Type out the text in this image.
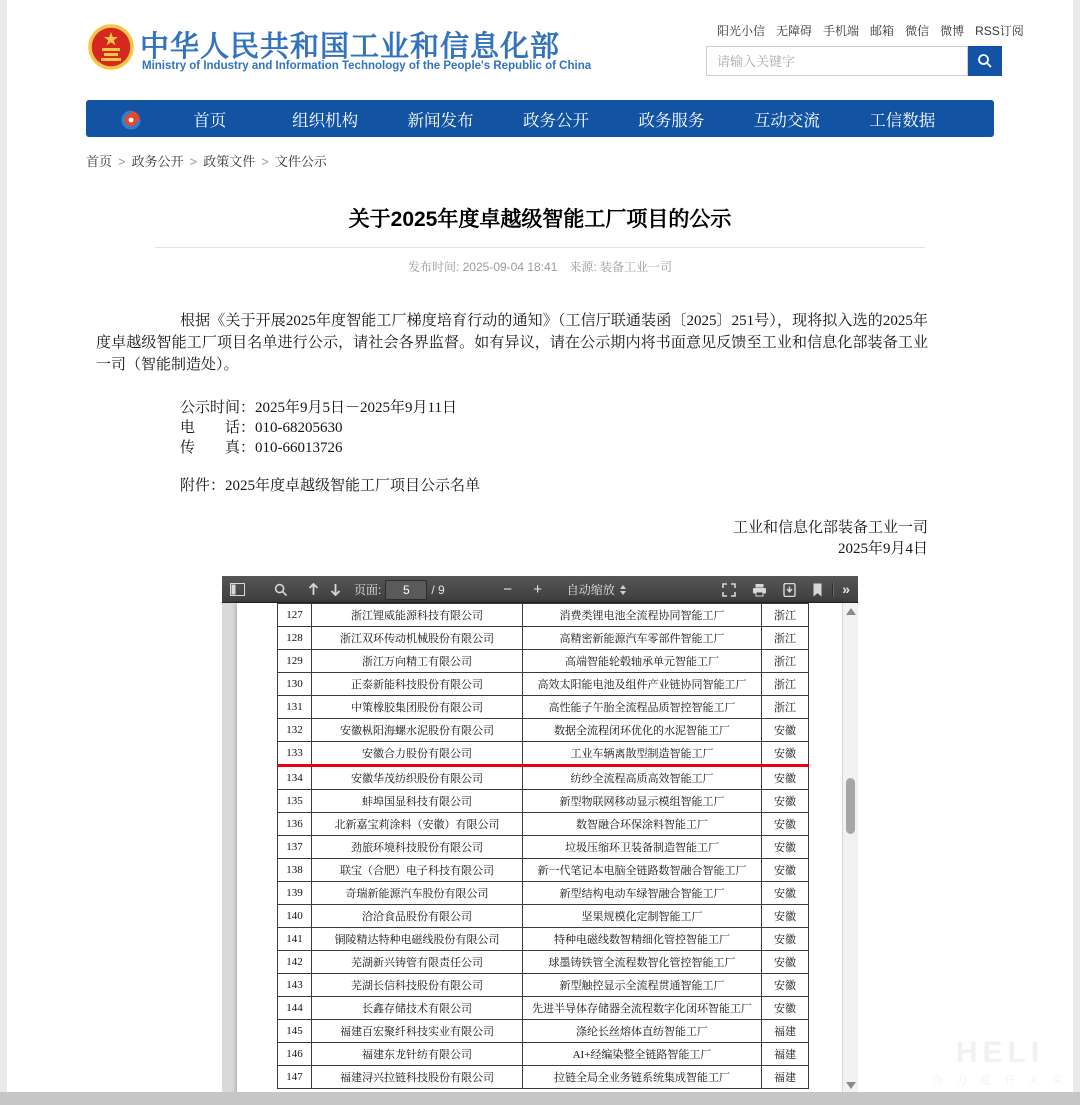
中华人民共和国工业和信息化部
Ministry of Industry and Information Technology of the People's Republic of China
阳光小信 无障碍 手机端 邮箱 微信 微博 RSS订阅
请输入关键字
首页	组织机构	新闻发布	政务公开	政务服务	互动交流	工信数据
首页 > 政务公开 > 政策文件 > 文件公示
关于2025年度卓越级智能工厂项目的公示
发布时间: 2025-09-04 18:41　来源: 装备工业一司

根据《关于开展2025年度智能工厂梯度培育行动的通知》（工信厅联通装函〔2025〕251号），现将拟入选的2025年度卓越级智能工厂项目名单进行公示，请社会各界监督。如有异议，请在公示期内将书面意见反馈至工业和信息化部装备工业一司（智能制造处）。

公示时间：2025年9月5日－2025年9月11日
电　　话：010-68205630
传　　真：010-66013726
附件：2025年度卓越级智能工厂项目公示名单
工业和信息化部装备工业一司
2025年9月4日
页面:
5	/ 9	−	+	自动缩放	»
127	浙江锂威能源科技有限公司	消费类锂电池全流程协同智能工厂	浙江
128	浙江双环传动机械股份有限公司	高精密新能源汽车零部件智能工厂	浙江
129	浙江万向精工有限公司	高端智能轮毂轴承单元智能工厂	浙江
130	正泰新能科技股份有限公司	高效太阳能电池及组件产业链协同智能工厂	浙江
131	中策橡胶集团股份有限公司	高性能子午胎全流程品质智控智能工厂	浙江
132	安徽枞阳海螺水泥股份有限公司	数据全流程闭环优化的水泥智能工厂	安徽
133	安徽合力股份有限公司	工业车辆离散型制造智能工厂	安徽
134	安徽华茂纺织股份有限公司	纺纱全流程高质高效智能工厂	安徽
135	蚌埠国显科技有限公司	新型物联网移动显示模组智能工厂	安徽
136	北新嘉宝莉涂料（安徽）有限公司	数智融合环保涂料智能工厂	安徽
137	劲旅环境科技股份有限公司	垃圾压缩环卫装备制造智能工厂	安徽
138	联宝（合肥）电子科技有限公司	新一代笔记本电脑全链路数智融合智能工厂	安徽
139	奇瑞新能源汽车股份有限公司	新型结构电动车绿智融合智能工厂	安徽
140	洽洽食品股份有限公司	坚果规模化定制智能工厂	安徽
141	铜陵精达特种电磁线股份有限公司	特种电磁线数智精细化管控智能工厂	安徽
142	芜湖新兴铸管有限责任公司	球墨铸铁管全流程数智化管控智能工厂	安徽
143	芜湖长信科技股份有限公司	新型触控显示全流程贯通智能工厂	安徽
144	长鑫存储技术有限公司	先进半导体存储器全流程数字化闭环智能工厂	安徽
145	福建百宏聚纤科技实业有限公司	涤纶长丝熔体直纺智能工厂	福建
146	福建东龙针纺有限公司	AI+经编染整全链路智能工厂	福建
147	福建浔兴拉链科技股份有限公司	拉链全局全业务链系统集成智能工厂	福建
HELI
合 力 提 升 未 来
